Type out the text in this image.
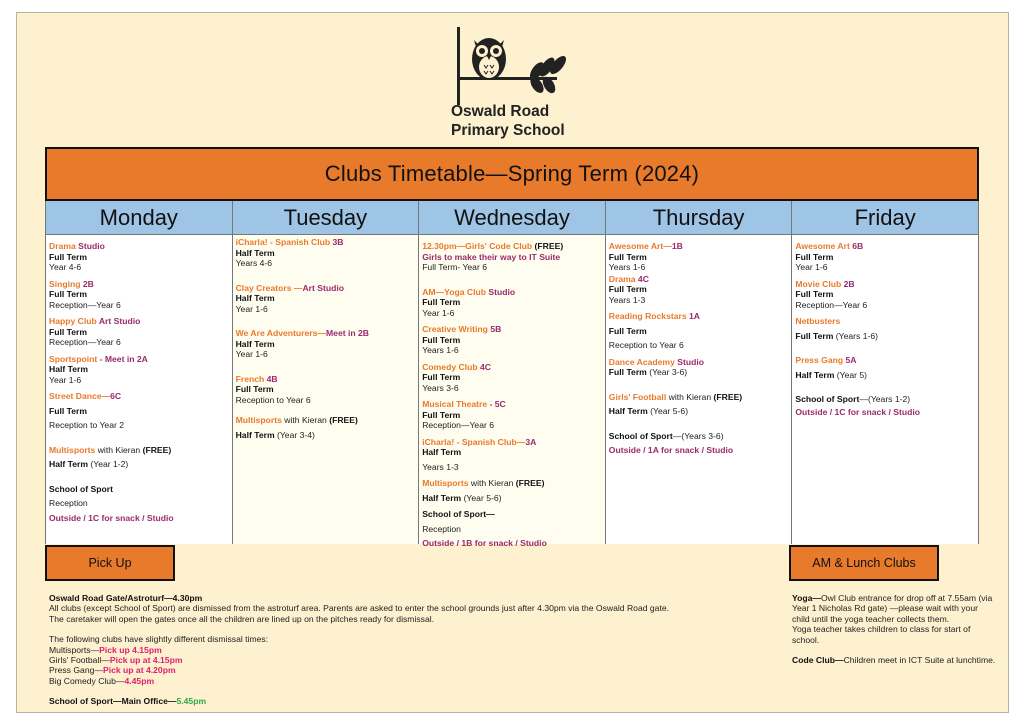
Oswald Road
Primary School
Clubs Timetable—Spring Term (2024)
Monday
Drama Studio
Full Term
Year 4-6
Singing 2B
Full Term
Reception—Year 6
Happy Club Art Studio
Full Term
Reception—Year 6
Sportspoint - Meet in 2A
Half Term
Year 1-6
Street Dance—6C
Full Term
Reception to Year 2
Multisports with Kieran (FREE)
Half Term (Year 1-2)
School of Sport
Reception
Outside / 1C for snack / Studio
Tuesday
iCharla! - Spanish Club 3B
Half Term
Years 4-6
Clay Creators —Art Studio
Half Term
Year 1-6
We Are Adventurers—Meet in 2B
Half Term
Year 1-6
French 4B
Full Term
Reception to Year 6
Multisports with Kieran (FREE)
Half Term (Year 3-4)
Wednesday
12.30pm—Girls' Code Club (FREE)
Girls to make their way to IT Suite
Full Term- Year 6
AM—Yoga Club Studio
Full Term
Year 1-6
Creative Writing 5B
Full Term
Years 1-6
Comedy Club 4C
Full Term
Years 3-6
Musical Theatre - 5C
Full Term
Reception—Year 6
iCharla! - Spanish Club—3A
Half Term
Years 1-3
Multisports with Kieran (FREE)
Half Term (Year 5-6)
School of Sport—
Reception
Outside / 1B for snack / Studio
Thursday
Awesome Art—1B
Full Term
Years 1-6
Drama 4C
Full Term
Years 1-3
Reading Rockstars 1A
Full Term
Reception to Year 6
Dance Academy Studio
Full Term (Year 3-6)
Girls' Football with Kieran (FREE)
Half Term (Year 5-6)
School of Sport—(Years 3-6)
Outside / 1A for snack / Studio
Friday
Awesome Art 6B
Full Term
Year 1-6
Movie Club 2B
Full Term
Reception—Year 6
Netbusters
Full Term (Years 1-6)
Press Gang 5A
Half Term (Year 5)
School of Sport—(Years 1-2)
Outside / 1C for snack / Studio
Pick Up	AM & Lunch Clubs
Oswald Road Gate/Astroturf—4.30pm
All clubs (except School of Sport) are dismissed from the astroturf area. Parents are asked to enter the school grounds just after 4.30pm via the Oswald Road gate.
The caretaker will open the gates once all the children are lined up on the pitches ready for dismissal.
The following clubs have slightly different dismissal times:
Multisports—Pick up 4.15pm
Girls' Football—Pick up at 4.15pm
Press Gang—Pick up at 4.20pm
Big Comedy Club—4.45pm
School of Sport—Main Office—5.45pm
Yoga—Owl Club entrance for drop off at 7.55am (via Year 1 Nicholas Rd gate) —please wait with your child until the yoga teacher collects them.
Yoga teacher takes children to class for start of school.
Code Club—Children meet in ICT Suite at lunchtime.
